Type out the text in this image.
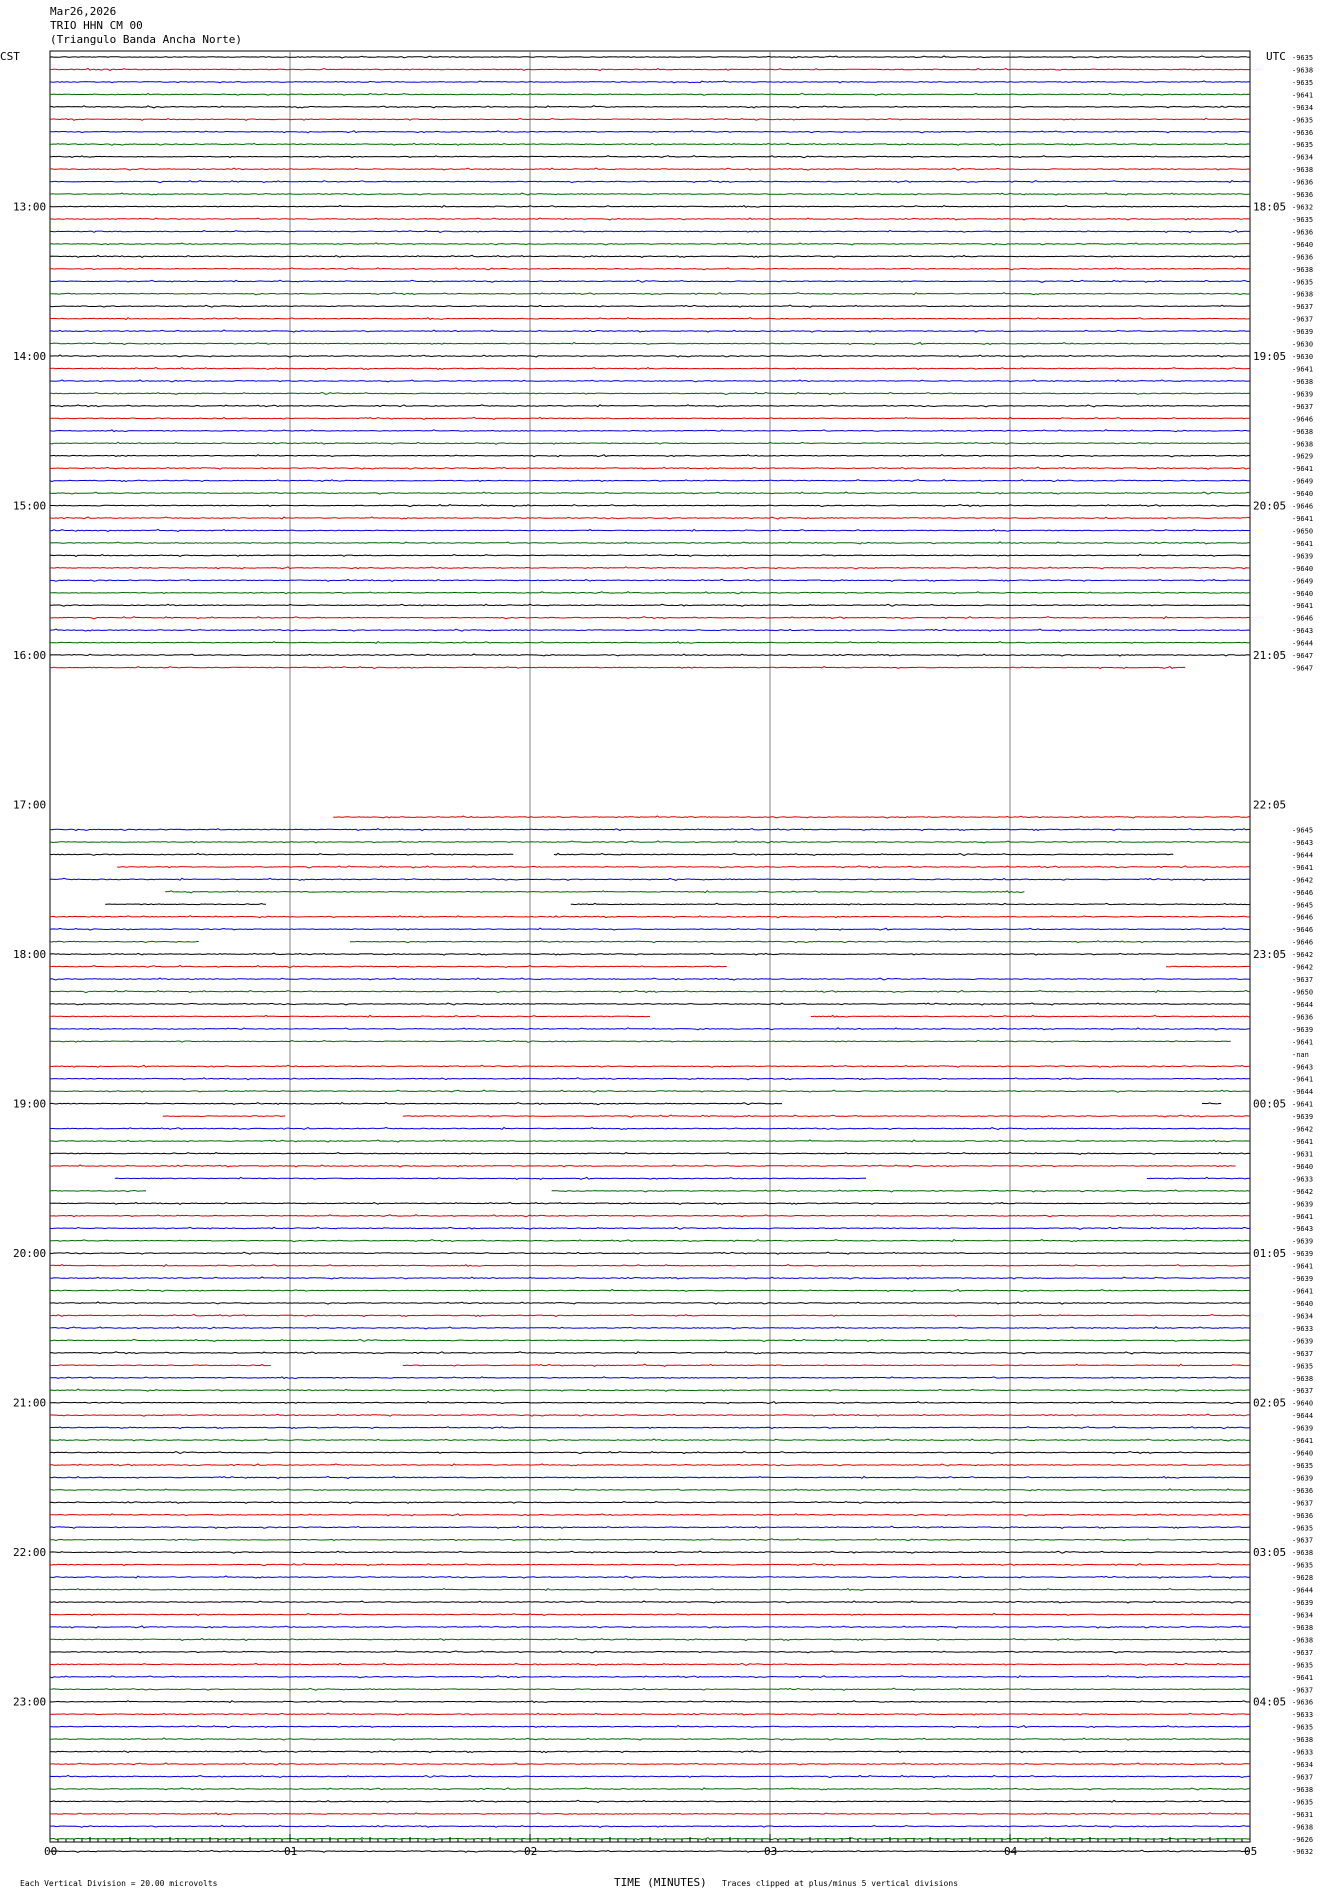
Mar26,2026
TRIO HHN CM 00
(Triangulo Banda Ancha Norte)
CST	UTC
13:00
14:00
15:00
16:00
17:00
18:00
19:00
20:00
21:00
22:00
23:00
18:05
19:05
20:05
21:05
22:05
23:05
00:05
01:05
02:05
03:05
04:05
-9635
-9638
-9635
-9641
-9634
-9635
-9636
-9635
-9634
-9638
-9636
-9636
-9632
-9635
-9636
-9640
-9636
-9638
-9635
-9638
-9637
-9637
-9639
-9630
-9630
-9641
-9638
-9639
-9637
-9646
-9638
-9638
-9629
-9641
-9649
-9640
-9646
-9641
-9650
-9641
-9639
-9640
-9649
-9640
-9641
-9646
-9643
-9644
-9647
-9647
-9645
-9643
-9644
-9641
-9642
-9646
-9645
-9646
-9646
-9646
-9642
-9642
-9637
-9650
-9644
-9636
-9639
-9641
-nan
-9643
-9641
-9644
-9641
-9639
-9642
-9641
-9631
-9640
-9633
-9642
-9639
-9641
-9643
-9639
-9639
-9641
-9639
-9641
-9640
-9634
-9633
-9639
-9637
-9635
-9638
-9637
-9640
-9644
-9639
-9641
-9640
-9635
-9639
-9636
-9637
-9636
-9635
-9637
-9638
-9635
-9628
-9644
-9639
-9634
-9638
-9638
-9637
-9635
-9641
-9637
-9636
-9633
-9635
-9638
-9633
-9634
-9637
-9638
-9635
-9631
-9638
-9626
-9632
00	01	02	03	04	05
Each Vertical Division = 20.00 microvolts	TIME (MINUTES) Traces clipped at plus/minus 5 vertical divisions
